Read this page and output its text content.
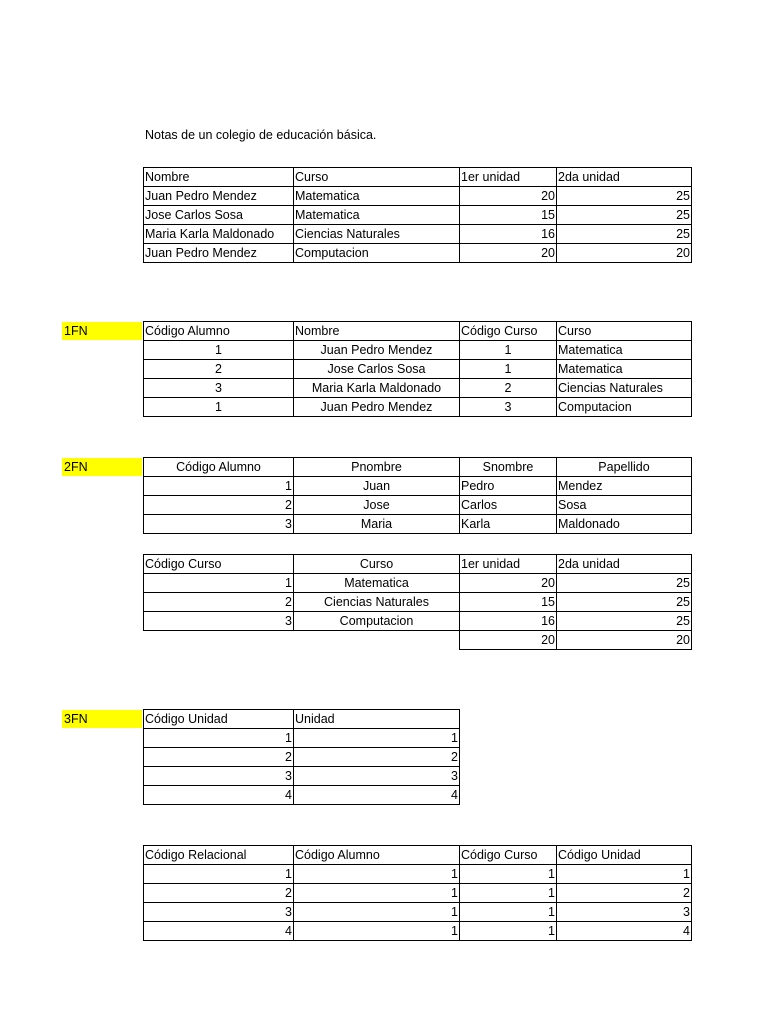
Notas de un colegio de educación básica.
Nombre	Curso	1er unidad	2da unidad
Juan Pedro Mendez	Matematica	20	25
Jose Carlos Sosa	Matematica	15	25
Maria Karla Maldonado	Ciencias Naturales	16	25
Juan Pedro Mendez	Computacion	20	20
1FN	Código Alumno	Nombre	Código Curso	Curso
1	Juan Pedro Mendez	1	Matematica
2	Jose Carlos Sosa	1	Matematica
3	Maria Karla Maldonado	2	Ciencias Naturales
1	Juan Pedro Mendez	3	Computacion
2FN	Código Alumno	Pnombre	Snombre	Papellido
1	Juan	Pedro	Mendez
2	Jose	Carlos	Sosa
3	Maria	Karla	Maldonado
Código Curso	Curso	1er unidad	2da unidad
1	Matematica	20	25
2	Ciencias Naturales	15	25
3	Computacion	16	25
		20	20
3FN	Código Unidad	Unidad
1	1
2	2
3	3
4	4
Código Relacional	Código Alumno	Código Curso	Código Unidad
1	1	1	1
2	1	1	2
3	1	1	3
4	1	1	4
